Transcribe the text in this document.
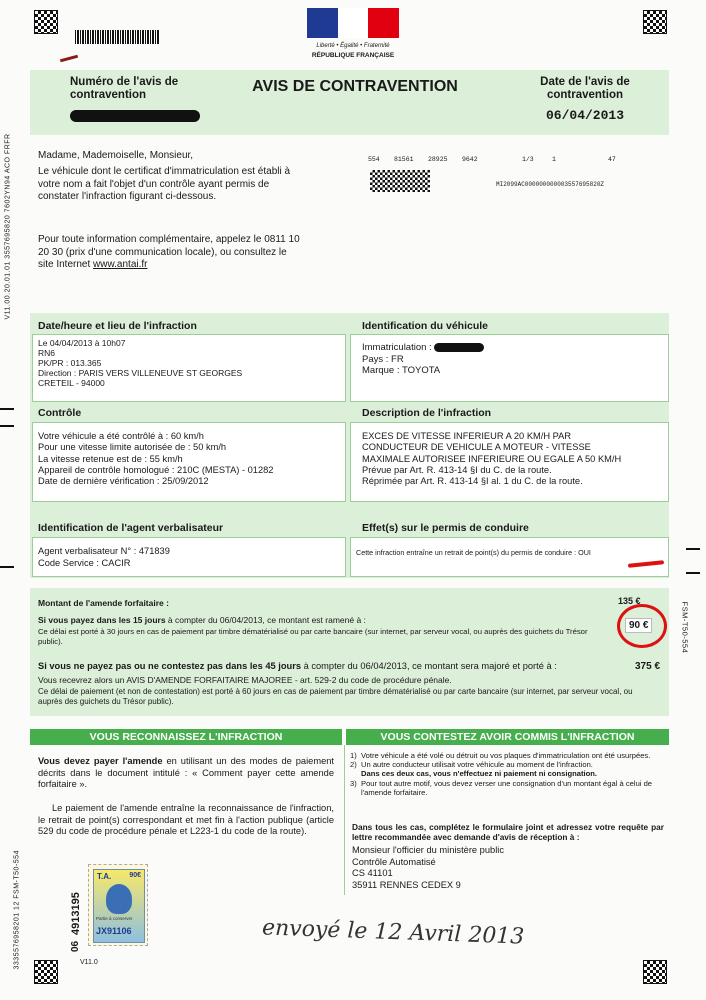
Liberté • Égalité • Fraternité
RÉPUBLIQUE FRANÇAISE
Numéro de l'avis de contravention	AVIS DE CONTRAVENTION	Date de l'avis de contravention
06/04/2013
V11.00.20.01.01 3557695820 7602YN94 ACO FRFR	Madame, Mademoiselle, Monsieur,
Le véhicule dont le certificat d'immatriculation est établi à votre nom a fait l'objet d'un contrôle ayant permis de constater l'infraction figurant ci-dessous.
Pour toute information complémentaire, appelez le 0811 10 20 30 (prix d'une communication locale), ou consultez le site Internet www.antai.fr
554	81561	28925	9642	1/3	1	47
MI2099AC000000000003557695820Z
Date/heure et lieu de l'infraction	Identification du véhicule
Le 04/04/2013 à 10h07
RN6
PK/PR : 013.365
Direction : PARIS VERS VILLENEUVE ST GEORGES
CRETEIL - 94000
Immatriculation :
Pays : FR
Marque : TOYOTA
Contrôle	Description de l'infraction
Votre véhicule a été contrôlé à : 60 km/h
Pour une vitesse limite autorisée de : 50 km/h
La vitesse retenue est de : 55 km/h
Appareil de contrôle homologué : 210C (MESTA) - 01282
Date de dernière vérification : 25/09/2012
EXCES DE VITESSE INFERIEUR A 20 KM/H PAR
CONDUCTEUR DE VEHICULE A MOTEUR - VITESSE
MAXIMALE AUTORISEE INFERIEURE OU EGALE A 50 KM/H
Prévue par Art. R. 413-14 §I du C. de la route.
Réprimée par Art. R. 413-14 §I al. 1 du C. de la route.
Identification de l'agent verbalisateur	Effet(s) sur le permis de conduire
Agent verbalisateur N° : 471839
Code Service : CACIR
Cette infraction entraîne un retrait de point(s) du permis de conduire : OUI
Montant de l'amende forfaitaire :	135 €
Si vous payez dans les 15 jours à compter du 06/04/2013, ce montant est ramené à :
Ce délai est porté à 30 jours en cas de paiement par timbre dématérialisé ou par carte bancaire (sur internet, par serveur vocal, ou auprès des guichets du Trésor public).
90 €
Si vous ne payez pas ou ne contestez pas dans les 45 jours à compter du 06/04/2013, ce montant sera majoré et porté à :	375 €
Vous recevrez alors un AVIS D'AMENDE FORFAITAIRE MAJOREE - art. 529-2 du code de procédure pénale.
Ce délai de paiement (et non de contestation) est porté à 60 jours en cas de paiement par timbre dématérialisé ou par carte bancaire (sur internet, par serveur vocal, ou auprès des guichets du Trésor public).
FSM-T50-554
VOUS RECONNAISSEZ L'INFRACTION	VOUS CONTESTEZ AVOIR COMMIS L'INFRACTION
Vous devez payer l'amende en utilisant un des modes de paiement décrits dans le document intitulé : « Comment payer cette amende forfaitaire ».
Le paiement de l'amende entraîne la reconnaissance de l'infraction, le retrait de point(s) correspondant et met fin à l'action publique (article 529 du code de procédure pénale et L223-1 du code de la route).
1) Votre véhicule a été volé ou détruit ou vos plaques d'immatriculation ont été usurpées.
2) Un autre conducteur utilisait votre véhicule au moment de l'infraction.
Dans ces deux cas, vous n'effectuez ni paiement ni consignation.
3) Pour tout autre motif, vous devez verser une consignation d'un montant égal à celui de l'amende forfaitaire.
Dans tous les cas, complétez le formulaire joint et adressez votre requête par lettre recommandée avec demande d'avis de réception à :
Monsieur l'officier du ministère public
Contrôle Automatisé
CS 41101
35911 RENNES CEDEX 9
4913195
06
T.A.	90€
Partie à conserver
JX91106	envoyé le 12 Avril 2013
V11.0
3335576958201 12 FSM-T50-554
